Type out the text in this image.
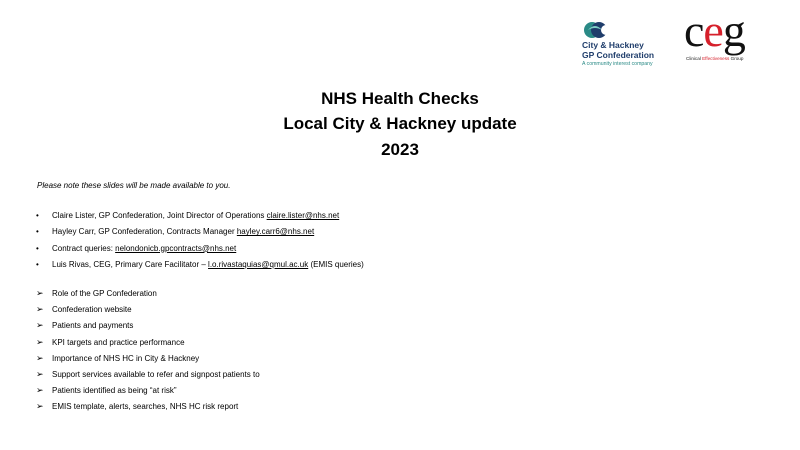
City & Hackney
GP Confederation
A community interest company
ceg
Clinical Effectiveness Group
NHS Health Checks
Local City & Hackney update
2023
Please note these slides will be made available to you.
• Claire Lister, GP Confederation, Joint Director of Operations claire.lister@nhs.net
• Hayley Carr, GP Confederation, Contracts Manager hayley.carr6@nhs.net
• Contract queries: nelondonicb.gpcontracts@nhs.net
• Luis Rivas, CEG, Primary Care Facilitator – l.o.rivastaquias@qmul.ac.uk (EMIS queries)
➢ Role of the GP Confederation
➢ Confederation website
➢ Patients and payments
➢ KPI targets and practice performance
➢ Importance of NHS HC in City & Hackney
➢ Support services available to refer and signpost patients to
➢ Patients identified as being “at risk”
➢ EMIS template, alerts, searches, NHS HC risk report
